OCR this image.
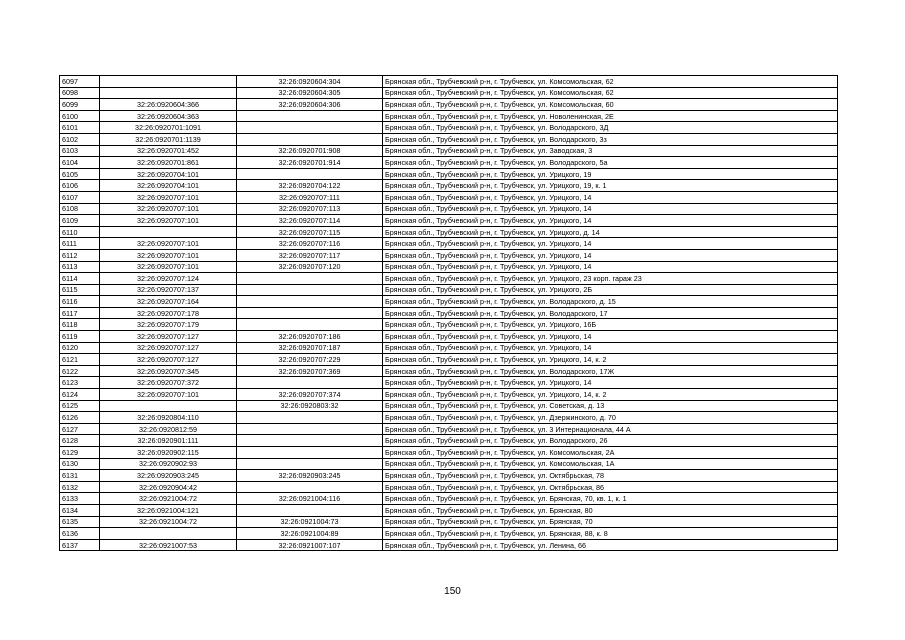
6097		32:26:0920604:304	Брянская обл., Трубчевский р-н, г. Трубчевск, ул. Комсомольская, 62
6098		32:26:0920604:305	Брянская обл., Трубчевский р-н, г. Трубчевск, ул. Комсомольская, 62
6099	32:26:0920604:366	32:26:0920604:306	Брянская обл., Трубчевский р-н, г. Трубчевск, ул. Комсомольская, 60
6100	32:26:0920604:363		Брянская обл., Трубчевский р-н, г. Трубчевск, ул. Новоленинская, 2Е
6101	32:26:0920701:1091		Брянская обл., Трубчевский р-н, г. Трубчевск, ул. Володарского, 3Д
6102	32:26:0920701:1139		Брянская обл., Трубчевский р-н, г. Трубчевск, ул. Володарского, 3з
6103	32:26:0920701:452	32:26:0920701:908	Брянская обл., Трубчевский р-н, г. Трубчевск, ул. Заводская, 3
6104	32:26:0920701:861	32:26:0920701:914	Брянская обл., Трубчевский р-н, г. Трубчевск, ул. Володарского, 5а
6105	32:26:0920704:101		Брянская обл., Трубчевский р-н, г. Трубчевск, ул. Урицкого, 19
6106	32:26:0920704:101	32:26:0920704:122	Брянская обл., Трубчевский р-н, г. Трубчевск, ул. Урицкого, 19, к. 1
6107	32:26:0920707:101	32:26:0920707:111	Брянская обл., Трубчевский р-н, г. Трубчевск, ул. Урицкого, 14
6108	32:26:0920707:101	32:26:0920707:113	Брянская обл., Трубчевский р-н, г. Трубчевск, ул. Урицкого, 14
6109	32:26:0920707:101	32:26:0920707:114	Брянская обл., Трубчевский р-н, г. Трубчевск, ул. Урицкого, 14
6110		32:26:0920707:115	Брянская обл., Трубчевский р-н, г. Трубчевск, ул. Урицкого, д. 14
6111	32:26:0920707:101	32:26:0920707:116	Брянская обл., Трубчевский р-н, г. Трубчевск, ул. Урицкого, 14
6112	32:26:0920707:101	32:26:0920707:117	Брянская обл., Трубчевский р-н, г. Трубчевск, ул. Урицкого, 14
6113	32:26:0920707:101	32:26:0920707:120	Брянская обл., Трубчевский р-н, г. Трубчевск, ул. Урицкого, 14
6114	32:26:0920707:124		Брянская обл., Трубчевский р-н, г. Трубчевск, ул. Урицкого, 23 корп. гараж 23
6115	32:26:0920707:137		Брянская обл., Трубчевский р-н, г. Трубчевск, ул. Урицкого, 2Б
6116	32:26:0920707:164		Брянская обл., Трубчевский р-н, г. Трубчевск, ул. Володарского, д. 15
6117	32:26:0920707:178		Брянская обл., Трубчевский р-н, г. Трубчевск, ул. Володарского, 17
6118	32:26:0920707:179		Брянская обл., Трубчевский р-н, г. Трубчевск, ул. Урицкого, 16Б
6119	32:26:0920707:127	32:26:0920707:186	Брянская обл., Трубчевский р-н, г. Трубчевск, ул. Урицкого, 14
6120	32:26:0920707:127	32:26:0920707:187	Брянская обл., Трубчевский р-н, г. Трубчевск, ул. Урицкого, 14
6121	32:26:0920707:127	32:26:0920707:229	Брянская обл., Трубчевский р-н, г. Трубчевск, ул. Урицкого, 14, к. 2
6122	32:26:0920707:345	32:26:0920707:369	Брянская обл., Трубчевский р-н, г. Трубчевск, ул. Володарского, 17Ж
6123	32:26:0920707:372		Брянская обл., Трубчевский р-н, г. Трубчевск, ул. Урицкого, 14
6124	32:26:0920707:101	32:26:0920707:374	Брянская обл., Трубчевский р-н, г. Трубчевск, ул. Урицкого, 14, к. 2
6125		32:26:0920803:32	Брянская обл., Трубчевский р-н, г. Трубчевск, ул. Советская, д. 13
6126	32:26:0920804:110		Брянская обл., Трубчевский р-н, г. Трубчевск, ул. Дзержинского, д. 70
6127	32:26:0920812:59		Брянская обл., Трубчевский р-н, г. Трубчевск, ул. 3 Интернационала, 44 А
6128	32:26:0920901:111		Брянская обл., Трубчевский р-н, г. Трубчевск, ул. Володарского, 26
6129	32:26:0920902:115		Брянская обл., Трубчевский р-н, г. Трубчевск, ул. Комсомольская, 2А
6130	32:26:0920902:93		Брянская обл., Трубчевский р-н, г. Трубчевск, ул. Комсомольская, 1А
6131	32:26:0920903:245	32:26:0920903:245	Брянская обл., Трубчевский р-н, г. Трубчевск, ул. Октябрьская, 78
6132	32:26:0920904:42		Брянская обл., Трубчевский р-н, г. Трубчевск, ул. Октябрьская, 86
6133	32:26:0921004:72	32:26:0921004:116	Брянская обл., Трубчевский р-н, г. Трубчевск, ул. Брянская, 70, кв. 1, к. 1
6134	32:26:0921004:121		Брянская обл., Трубчевский р-н, г. Трубчевск, ул. Брянская, 80
6135	32:26:0921004:72	32:26:0921004:73	Брянская обл., Трубчевский р-н, г. Трубчевск, ул. Брянская, 70
6136		32:26:0921004:89	Брянская обл., Трубчевский р-н, г. Трубчевск, ул. Брянская, 88, к. 8
6137	32:26:0921007:53	32:26:0921007:107	Брянская обл., Трубчевский р-н, г. Трубчевск, ул. Ленина, 66
150
